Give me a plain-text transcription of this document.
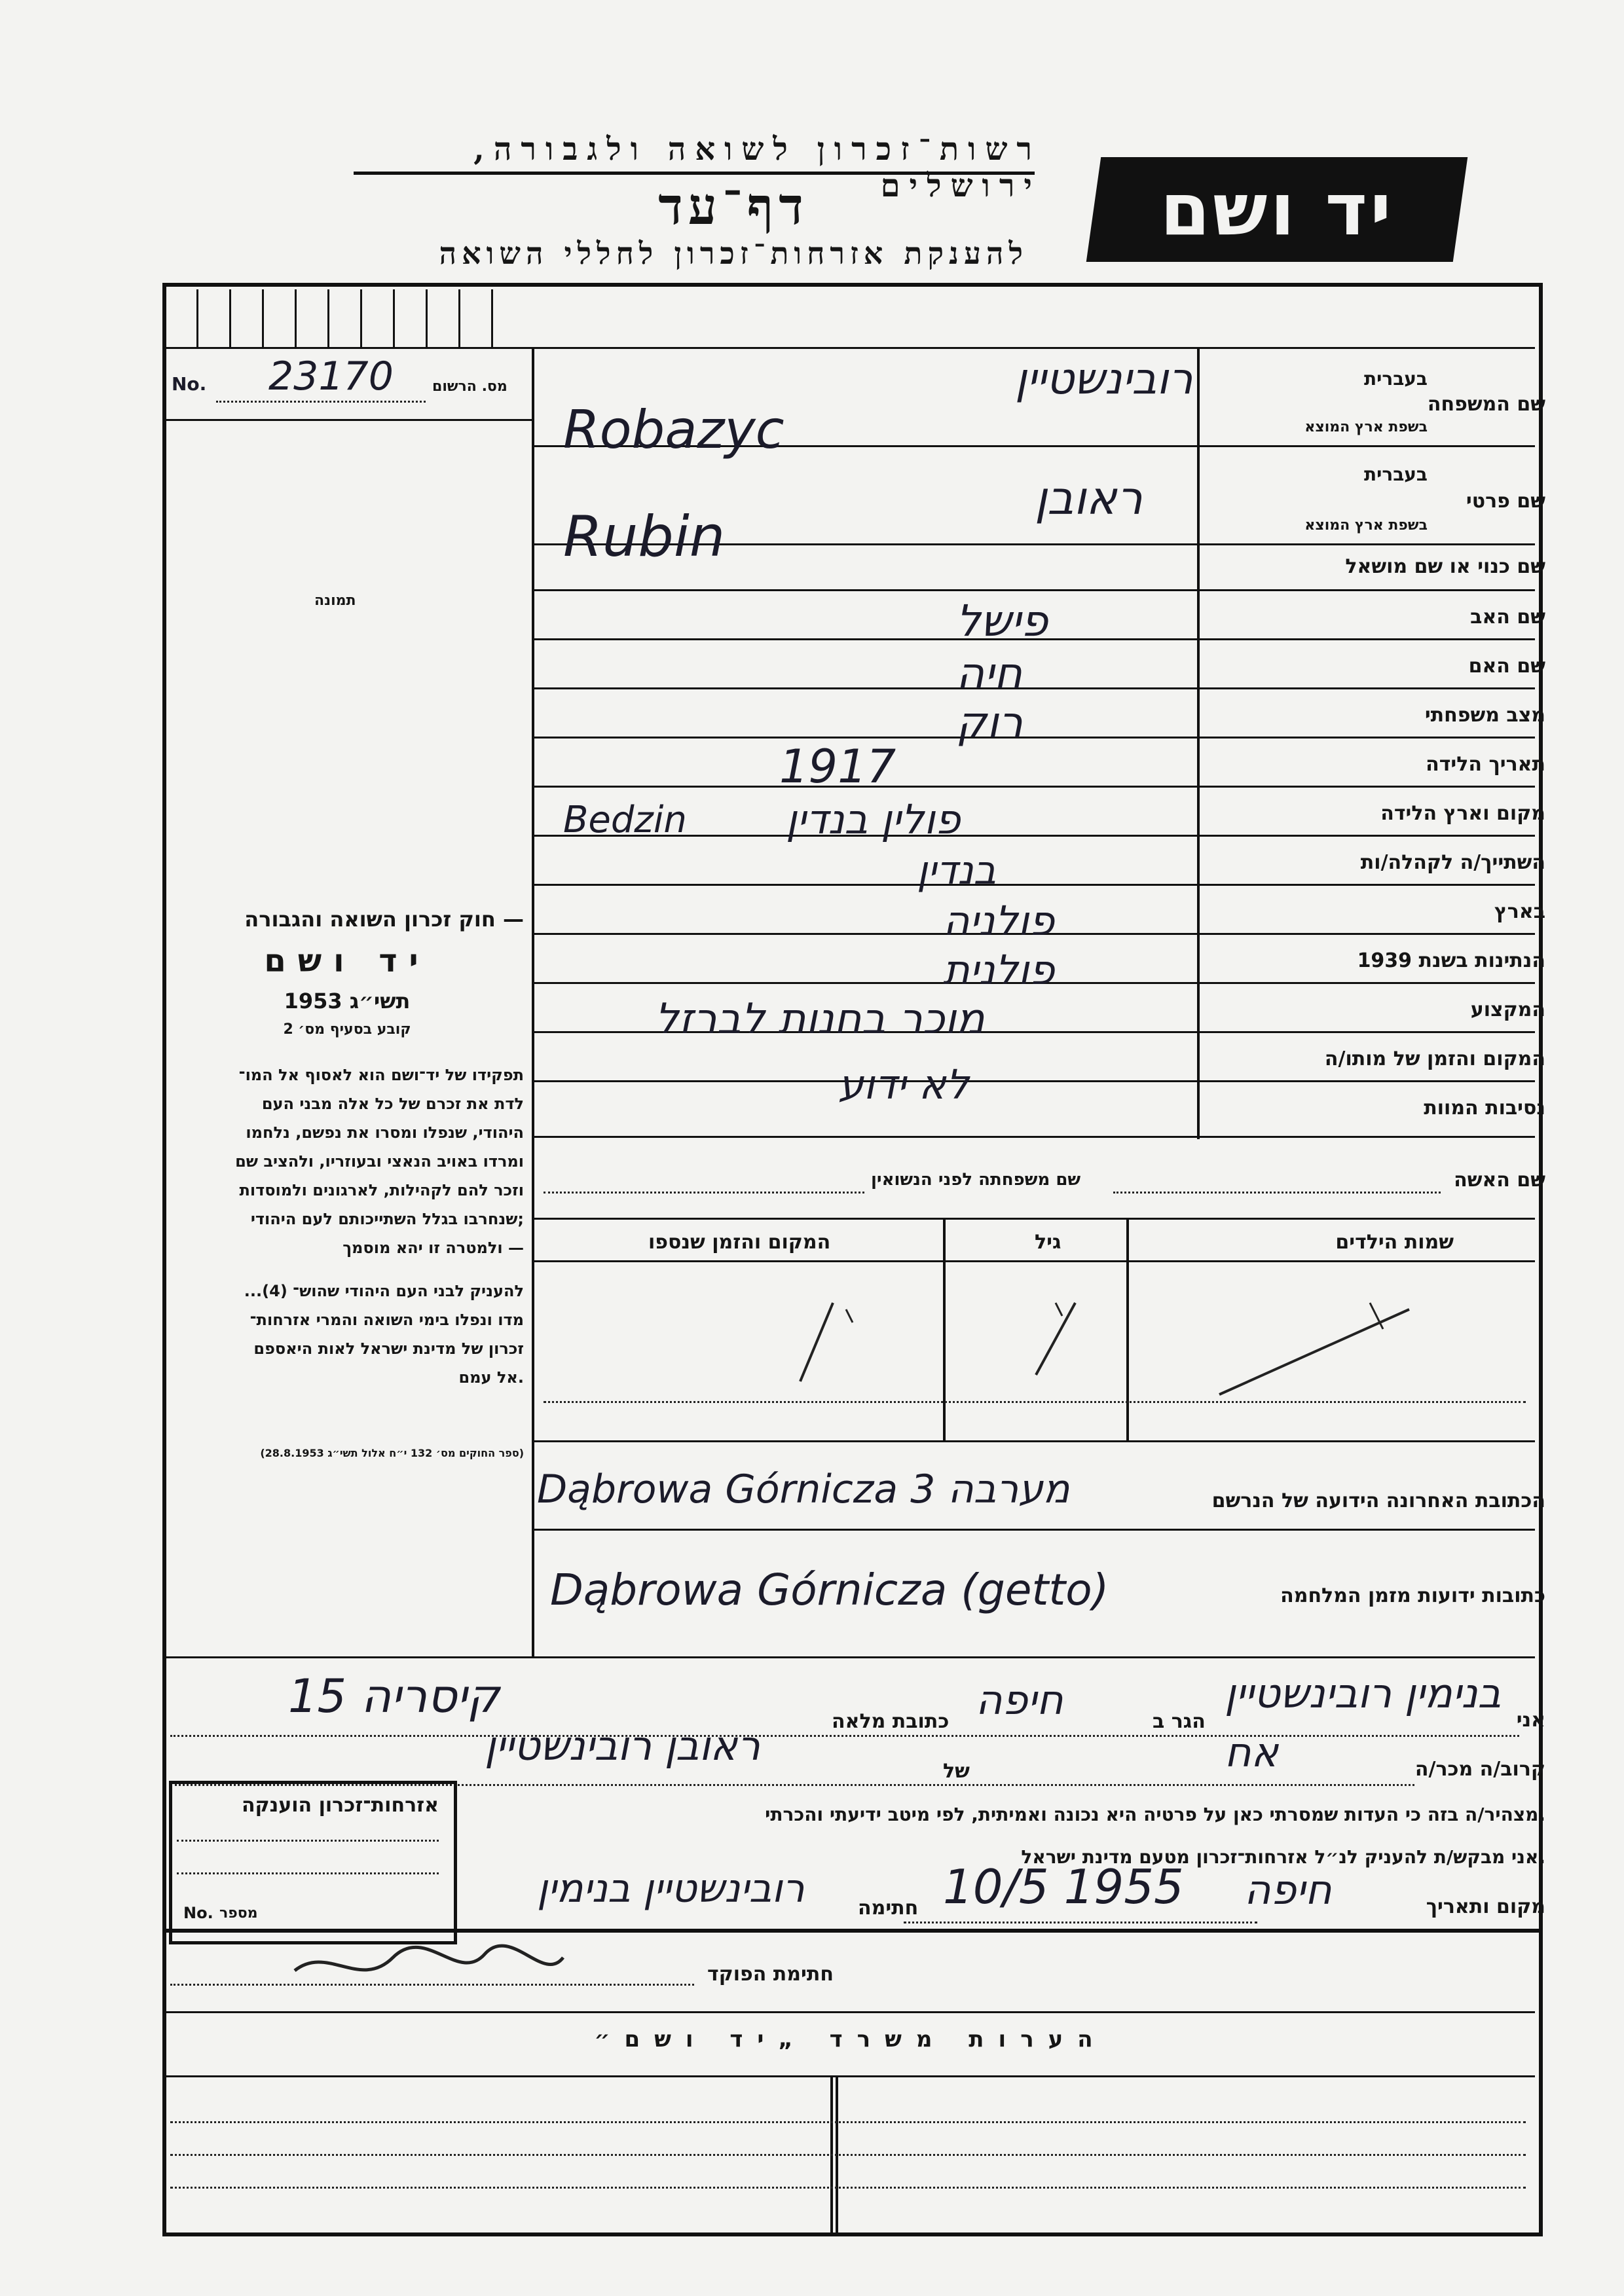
רשות־זכרון לשואה ולגבורה, ירושלים
דף־עד
להענקת אזרחות־זכרון לחללי השואה
יד ושם
No. 23170	מס. הרשום
תמונה
שם המשפחה
בעברית
בשפת ארץ המוצא
שם פרטי
בעברית
בשפת ארץ המוצא
שם כנוי או שם מושאל
שם האב
שם האם
מצב משפחתי
תאריך הלידה
מקום וארץ הלידה
השתייך/ה לקהלה/ות
בארץ
הנתינות בשנת 1939
המקצוע
המקום והזמן של מותו/ה
נסיבות המוות
רובינשטיין
Robazyc
ראובן
Rubin
פישל
חיה
רוק
1917
פולין בנדין
Bedzin
בנדין
פולניה
פולנית
מוכר בחנות לברזל
לא ידוע
שם האשה
שם משפחתה לפני הנשואין
שמות הילדים
גיל
המקום והזמן שנספו
הכתובת האחרונה הידועה של הנרשם
Dąbrowa Górnicza מערבה 3
כתובות ידועות מזמן המלחמה
Dąbrowa Górnicza (getto)
חוק זכרון השואה והגבורה —
יד ושם
תשי״ג 1953
קובע בסעיף מס׳ 2
תפקידו של יד־ושם הוא לאסוף אל המו־
לדת את זכרם של כל אלה מבני העם
היהודי, שנפלו ומסרו את נפשם, נלחמו
ומרדו באויב הנאצי ובעוזריו, ולהציב שם
וזכר להם לקהילות, לארגונים ולמוסדות
שנחרבו בגלל השתייכותם לעם היהודי;
ולמטרה זו יהא מוסמך —
...(4) להעניק לבני העם היהודי שהוש־
מדו ונפלו בימי השואה והמרי אזרחות־
זכרון של מדינת ישראל לאות היאספם
אל עמם.
(ספר החוקים מס׳ 132 י״ח אלול תשי״ג 28.8.1953)
אני
בנימין רובינשטיין
הגר ב
חיפה
כתובת מלאה
קיסריה 15
קרוב/ה מכר/ה
אח
של
ראובן רובינשטיין
מצהיר/ה בזה כי העדות שמסרתי כאן על פרטיה היא נכונה ואמיתית, לפי מיטב ידיעתי והכרתי.
אני מבקש/ת להעניק לנ״ל אזרחות־זכרון מטעם מדינת ישראל.
מקום ותאריך
חיפה
10/5 1955
חתימה
רובינשטיין בנימין
חתימת הפוקד
אזרחות־זכרון הוענקה
No. מספר
הערות משרד „יד ושם״
